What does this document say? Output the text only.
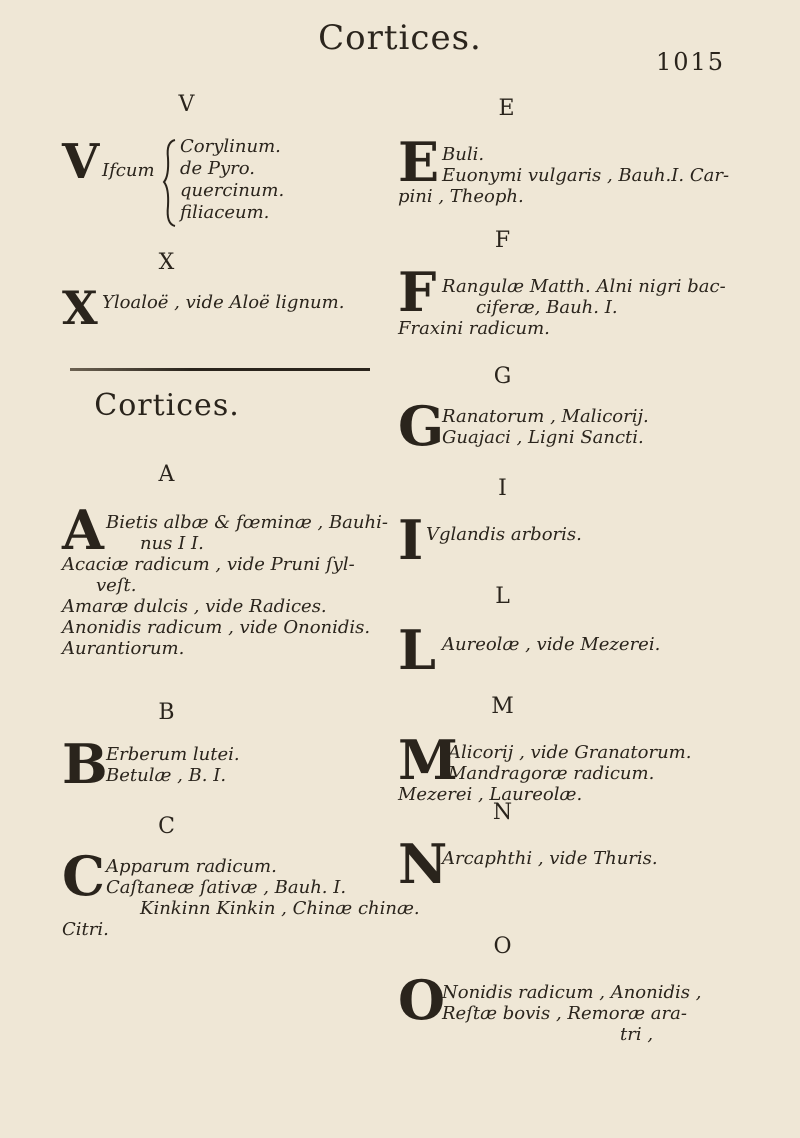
Cortices.
1015
V
V Ifcum
Corylinum.
de Pyro.
quercinum.
filiaceum.
X
X Yloaloë , vide Aloë lignum.
Cortices.
A
A Bietis albæ & fœminæ , Bauhi-
nus I I.
Acaciæ radicum , vide Pruni ſyl-
veſt.
Amaræ dulcis , vide Radices.
Anonidis radicum , vide Ononidis.
Aurantiorum.
B
B
Erberum lutei.
Betulæ , B. I.
C
C Apparum radicum.
Caſtaneæ ſativæ , Bauh. I.
Kinkinn Kinkin , Chinæ chinæ.
Citri.
E
E Buli.
Euonymi vulgaris , Bauh.I. Car-
pini , Theoph.
F
F Rangulæ Matth. Alni nigri bac-
ciferæ, Bauh. I.
Fraxini radicum.
G
G
Ranatorum , Malicorij.
Guajaci , Ligni Sancti.
I
I Vglandis arboris.
L
L Aureolæ , vide Mezerei.
M
M
Alicorij , vide Granatorum.
Mandragoræ radicum.
Mezerei , Laureolæ.
N
N
Arcaphthi , vide Thuris.
O
O
Nonidis radicum , Anonidis ,
Reſtæ bovis , Remoræ ara-
tri ,
